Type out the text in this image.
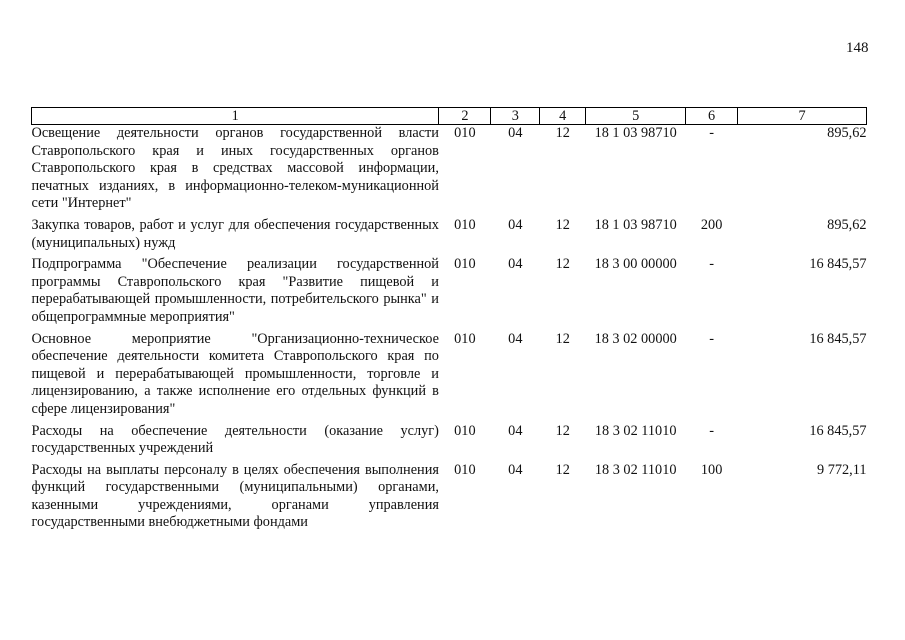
148
1	2	3	4	5	6	7
Освещение деятельности органов государственной власти Ставропольского края и иных государственных органов Ставропольского края в средствах массовой информации, печатных изданиях, в информационно-телеком-муникационной сети "Интернет"	010	04	12	18 1 03 98710	-	895,62
Закупка товаров, работ и услуг для обеспечения государственных (муниципальных) нужд	010	04	12	18 1 03 98710	200	895,62
Подпрограмма "Обеспечение реализации государственной программы Ставропольского края "Развитие пищевой и перерабатывающей промышленности, потребительского рынка" и общепрограммные мероприятия"	010	04	12	18 3 00 00000	-	16 845,57
Основное мероприятие "Организационно-техническое обеспечение деятельности комитета Ставропольского края по пищевой и перерабатывающей промышленности, торговле и лицензированию, а также исполнение его отдельных функций в сфере лицензирования"	010	04	12	18 3 02 00000	-	16 845,57
Расходы на обеспечение деятельности (оказание услуг) государственных учреждений	010	04	12	18 3 02 11010	-	16 845,57
Расходы на выплаты персоналу в целях обеспечения выполнения функций государственными (муниципальными) органами, казенными учреждениями, органами управления государственными внебюджетными фондами	010	04	12	18 3 02 11010	100	9 772,11
